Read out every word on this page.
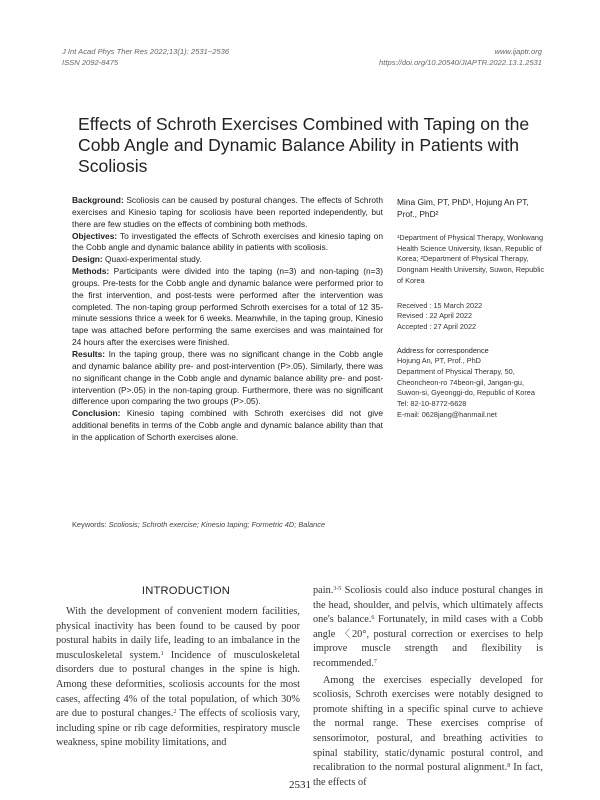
J Int Acad Phys Ther Res 2022;13(1): 2531~2536
ISSN 2092-8475
www.ijaptr.org
https://doi.org/10.20540/JIAPTR.2022.13.1.2531
Effects of Schroth Exercises Combined with Taping on the Cobb Angle and Dynamic Balance Ability in Patients with Scoliosis

Background: Scoliosis can be caused by postural changes. The effects of Schroth exercises and Kinesio taping for scoliosis have been reported independently, but there are few studies on the effects of combining both methods.

Objectives: To investigated the effects of Schroth exercises and kinesio taping on the Cobb angle and dynamic balance ability in patients with scoliosis.

Design: Quaxi-experimental study.

Methods: Participants were divided into the taping (n=3) and non-taping (n=3) groups. Pre-tests for the Cobb angle and dynamic balance were performed prior to the first intervention, and post-tests were performed after the intervention was completed. The non-taping group performed Schroth exercises for a total of 12 35-minute sessions thrice a week for 6 weeks. Meanwhile, in the taping group, Kinesio tape was attached before performing the same exercises and was maintained for 24 hours after the exercises were finished.

Results: In the taping group, there was no significant change in the Cobb angle and dynamic balance ability pre- and post-intervention (P>.05). Similarly, there was no significant change in the Cobb angle and dynamic balance ability pre- and post-intervention (P>.05) in the non-taping group. Furthermore, there was no significant difference upon comparing the two groups (P>.05).

Conclusion: Kinesio taping combined with Schroth exercises did not give additional benefits in terms of the Cobb angle and dynamic balance ability than that in the application of Schorth exercises alone.

Mina Gim, PT, PhD¹, Hojung An PT, Prof., PhD²

¹Department of Physical Therapy, Wonkwang Health Science University, Iksan, Republic of Korea; ²Department of Physical Therapy, Dongnam Health University, Suwon, Republic of Korea

Received : 15 March 2022

Revised : 22 April 2022

Accepted : 27 April 2022

Address for correspondence

Hojung An, PT, Prof., PhD

Department of Physical Therapy, 50, Cheoncheon-ro 74beon-gil, Jangan-gu, Suwon-si, Gyeonggi-do, Republic of Korea

Tel: 82-10-8772-6628

E-mail: 0628jang@hanmail.net

Keywords: Scoliosis; Schroth exercise; Kinesio taping; Formetric 4D; Balance
INTRODUCTION

With the development of convenient modern facilities, physical inactivity has been found to be caused by poor postural habits in daily life, leading to an imbalance in the musculoskeletal system.$^1$ Incidence of musculoskeletal disorders due to postural changes in the spine is high. Among these deformities, scoliosis accounts for the most cases, affecting 4% of the total population, of which 30% are due to postural changes.$^2$ The effects of scoliosis vary, including spine or rib cage deformities, respiratory muscle weakness, spine mobility limitations, and

pain.$^{3-5}$ Scoliosis could also induce postural changes in the head, shoulder, and pelvis, which ultimately affects one's balance.$^6$ Fortunately, in mild cases with a Cobb angle 〈20°, postural correction or exercises to help improve muscle strength and flexibility is recommended.$^7$

Among the exercises especially developed for scoliosis, Schroth exercises were notably designed to promote shifting in a specific spinal curve to achieve the normal range. These exercises comprise of sensorimotor, postural, and breathing activities to spinal stability, static/dynamic postural control, and recalibration to the normal postural alignment.$^8$ In fact, the effects of

2531
